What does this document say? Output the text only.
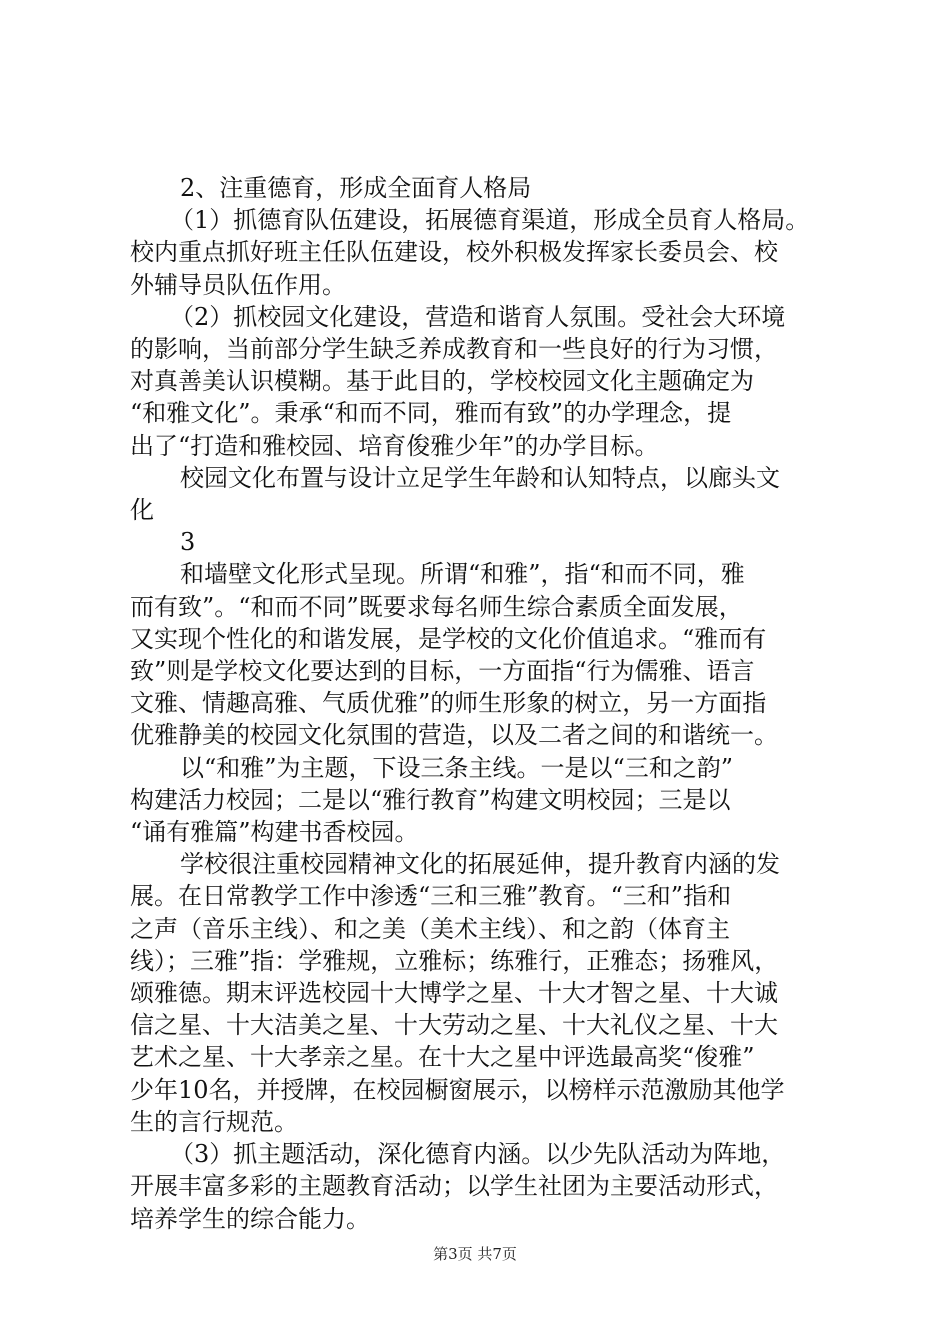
2、注重德育，形成全面育人格局
（1）抓德育队伍建设，拓展德育渠道，形成全员育人格局。
校内重点抓好班主任队伍建设，校外积极发挥家长委员会、校
外辅导员队伍作用。
（2）抓校园文化建设，营造和谐育人氛围。受社会大环境
的影响，当前部分学生缺乏养成教育和一些良好的行为习惯，
对真善美认识模糊。基于此目的，学校校园文化主题确定为
“和雅文化”。秉承“和而不同，雅而有致”的办学理念，提
出了“打造和雅校园、培育俊雅少年”的办学目标。
校园文化布置与设计立足学生年龄和认知特点，以廊头文
化
3
和墙壁文化形式呈现。所谓“和雅”，指“和而不同，雅
而有致”。“和而不同”既要求每名师生综合素质全面发展，
又实现个性化的和谐发展，是学校的文化价值追求。“雅而有
致”则是学校文化要达到的目标，一方面指“行为儒雅、语言
文雅、情趣高雅、气质优雅”的师生形象的树立，另一方面指
优雅静美的校园文化氛围的营造，以及二者之间的和谐统一。
以“和雅”为主题，下设三条主线。一是以“三和之韵”
构建活力校园；二是以“雅行教育”构建文明校园；三是以
“诵有雅篇”构建书香校园。
学校很注重校园精神文化的拓展延伸，提升教育内涵的发
展。在日常教学工作中渗透“三和三雅”教育。“三和”指和
之声（音乐主线）、和之美（美术主线）、和之韵（体育主
线）；三雅”指：学雅规，立雅标；练雅行，正雅态；扬雅风，
颂雅德。期末评选校园十大博学之星、十大才智之星、十大诚
信之星、十大洁美之星、十大劳动之星、十大礼仪之星、十大
艺术之星、十大孝亲之星。在十大之星中评选最高奖“俊雅”
少年10名，并授牌，在校园橱窗展示，以榜样示范激励其他学
生的言行规范。
（3）抓主题活动，深化德育内涵。以少先队活动为阵地，
开展丰富多彩的主题教育活动；以学生社团为主要活动形式，
培养学生的综合能力。
第3页 共7页
